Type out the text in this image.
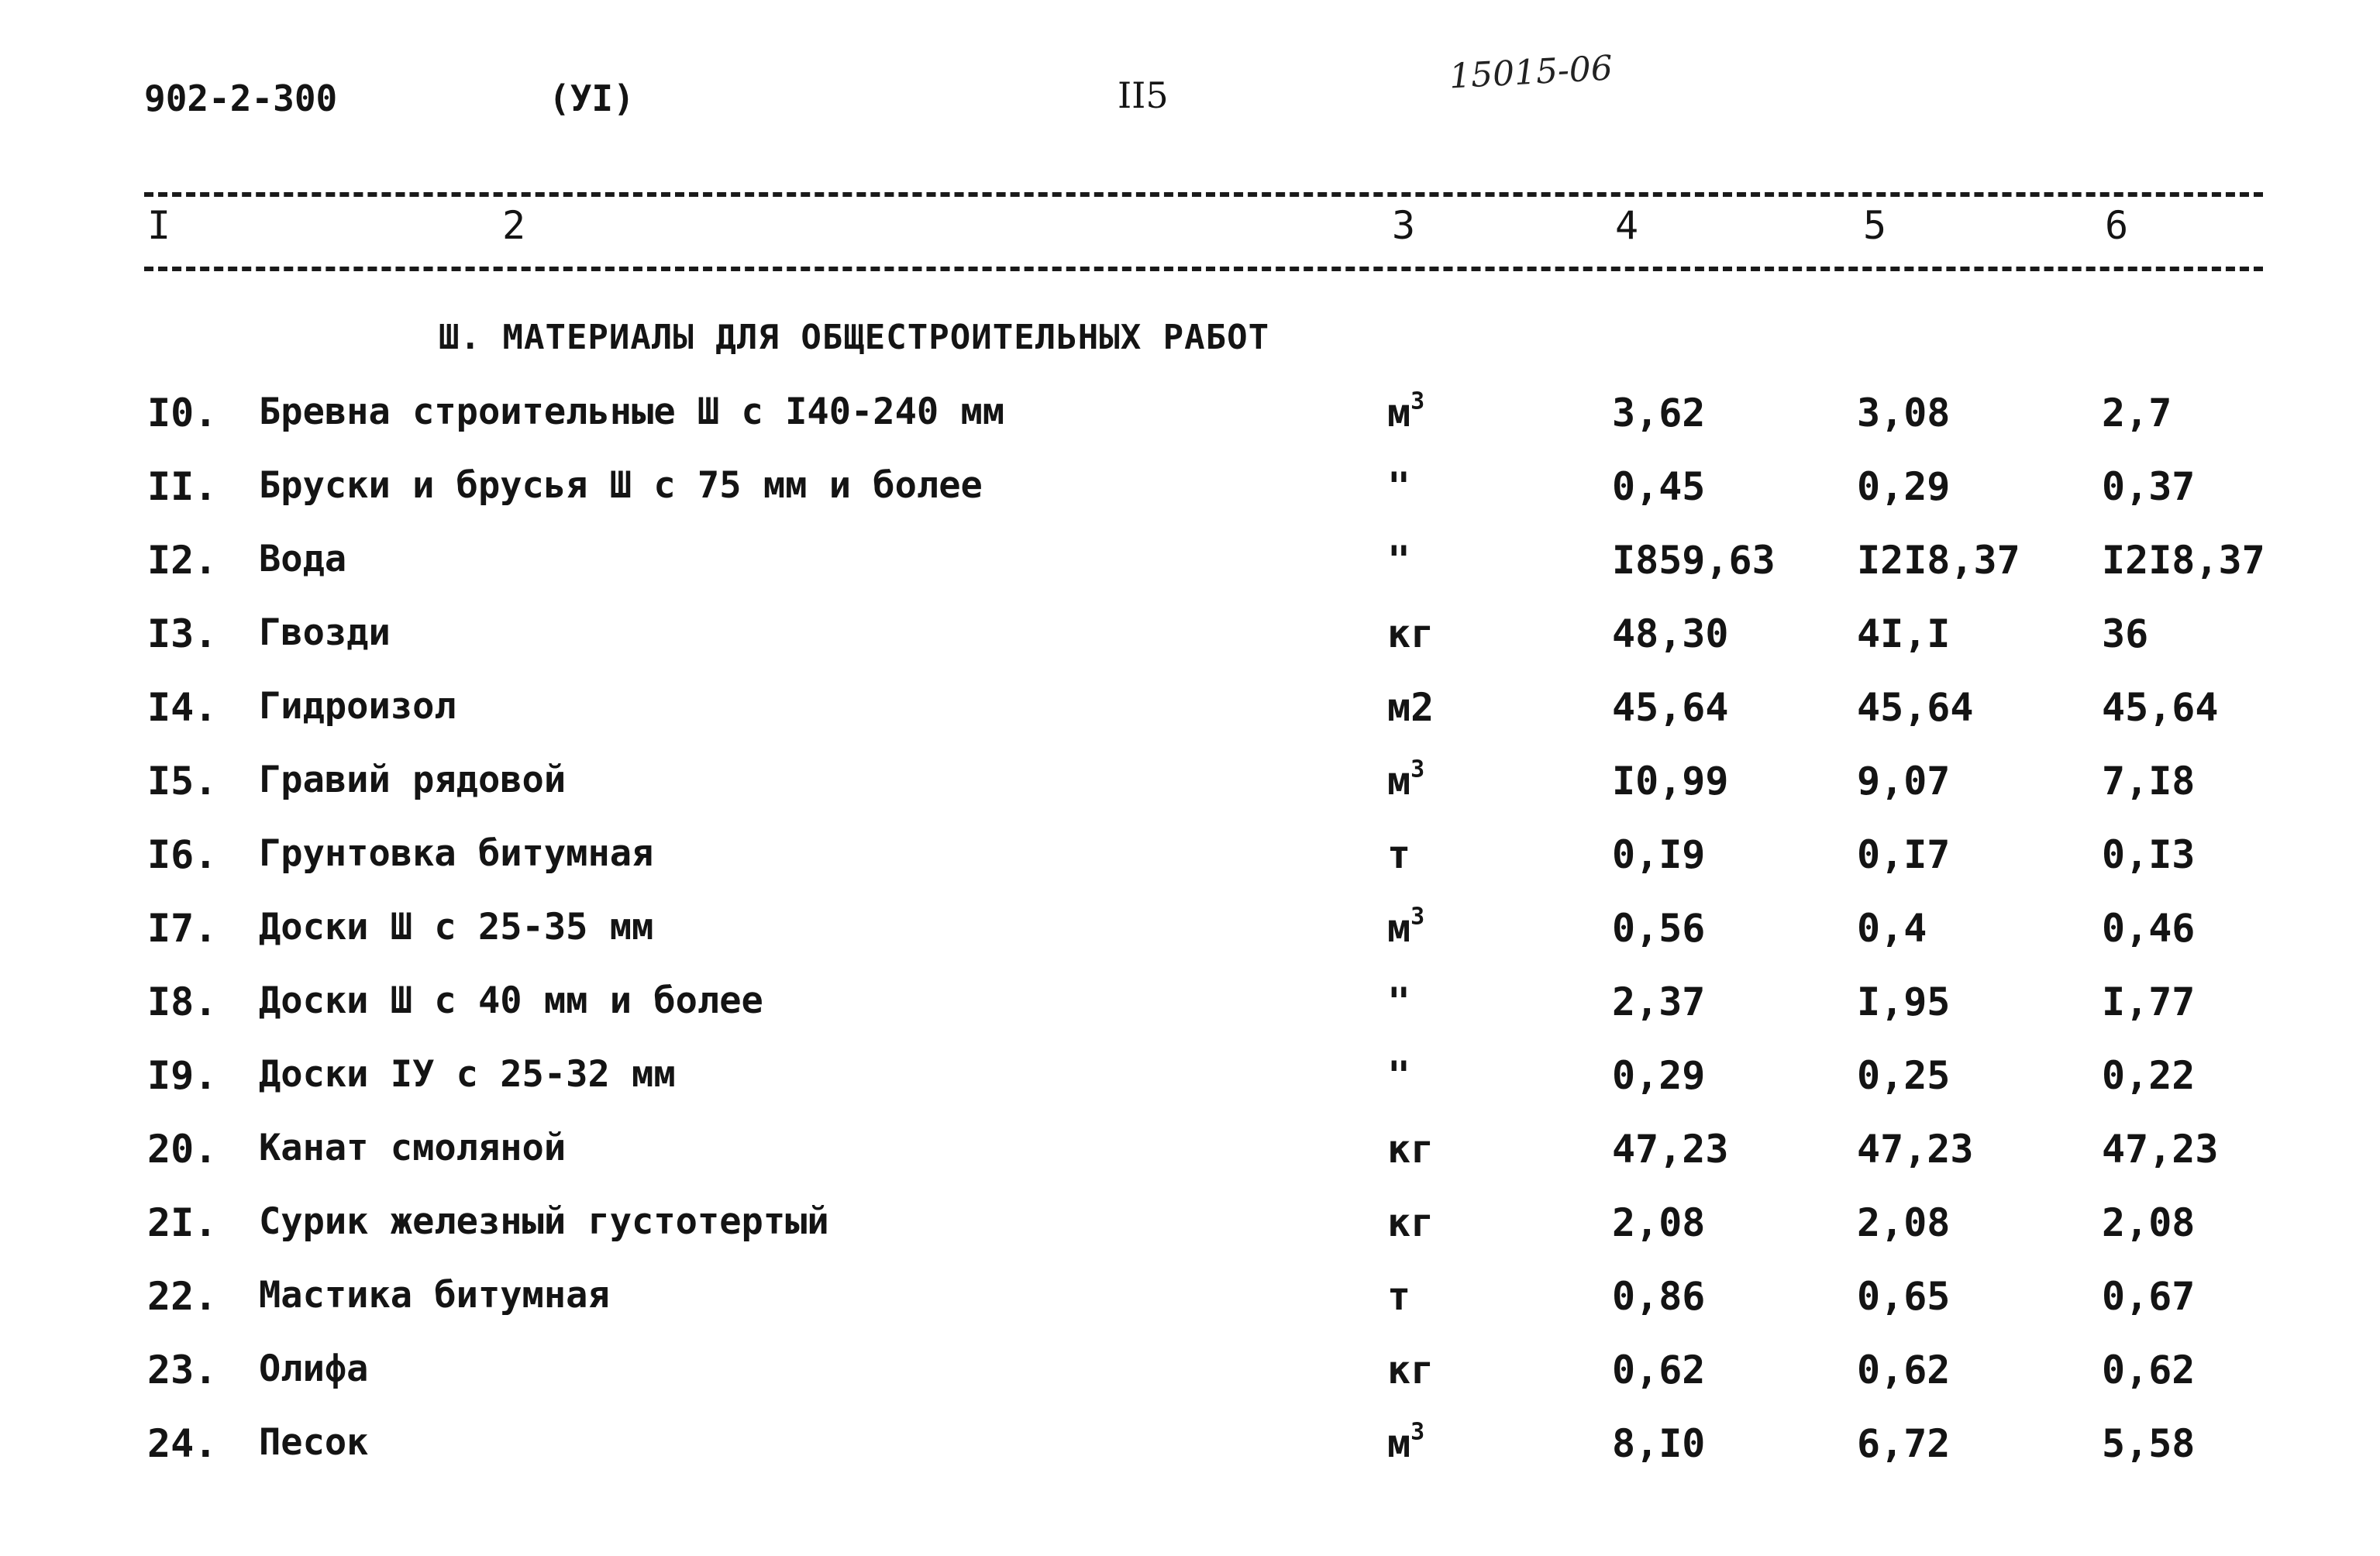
902-2-300	(УI)	II5	15015-06
I	2	3	4	5	6
Ш. МАТЕРИАЛЫ ДЛЯ ОБЩЕСТРОИТЕЛЬНЫХ РАБОТ
I0. Бревна строительные Ш с I40-240 мм	$м^3$	3,62	3,08	2,7
II. Бруски и брусья Ш с 75 мм и более	"	0,45	0,29	0,37
I2. Вода	"	I859,63 I2I8,37 I2I8,37
I3. Гвозди	кг	48,30	4I,I	36
I4. Гидроизол	м2	45,64	45,64	45,64
I5. Гравий рядовой	$м^3$	I0,99	9,07	7,I8
I6. Грунтовка битумная	т	0,I9	0,I7	0,I3
I7. Доски Ш с 25-35 мм	$м^3$	0,56	0,4	0,46
I8. Доски Ш с 40 мм и более	"	2,37	I,95	I,77
I9. Доски IУ с 25-32 мм	"	0,29	0,25	0,22
20. Канат смоляной	кг	47,23	47,23	47,23
2I. Сурик железный густотертый	кг	2,08	2,08	2,08
22. Мастика битумная	т	0,86	0,65	0,67
23. Олифа	кг	0,62	0,62	0,62
24. Песок	$м^3$	8,I0	6,72	5,58
